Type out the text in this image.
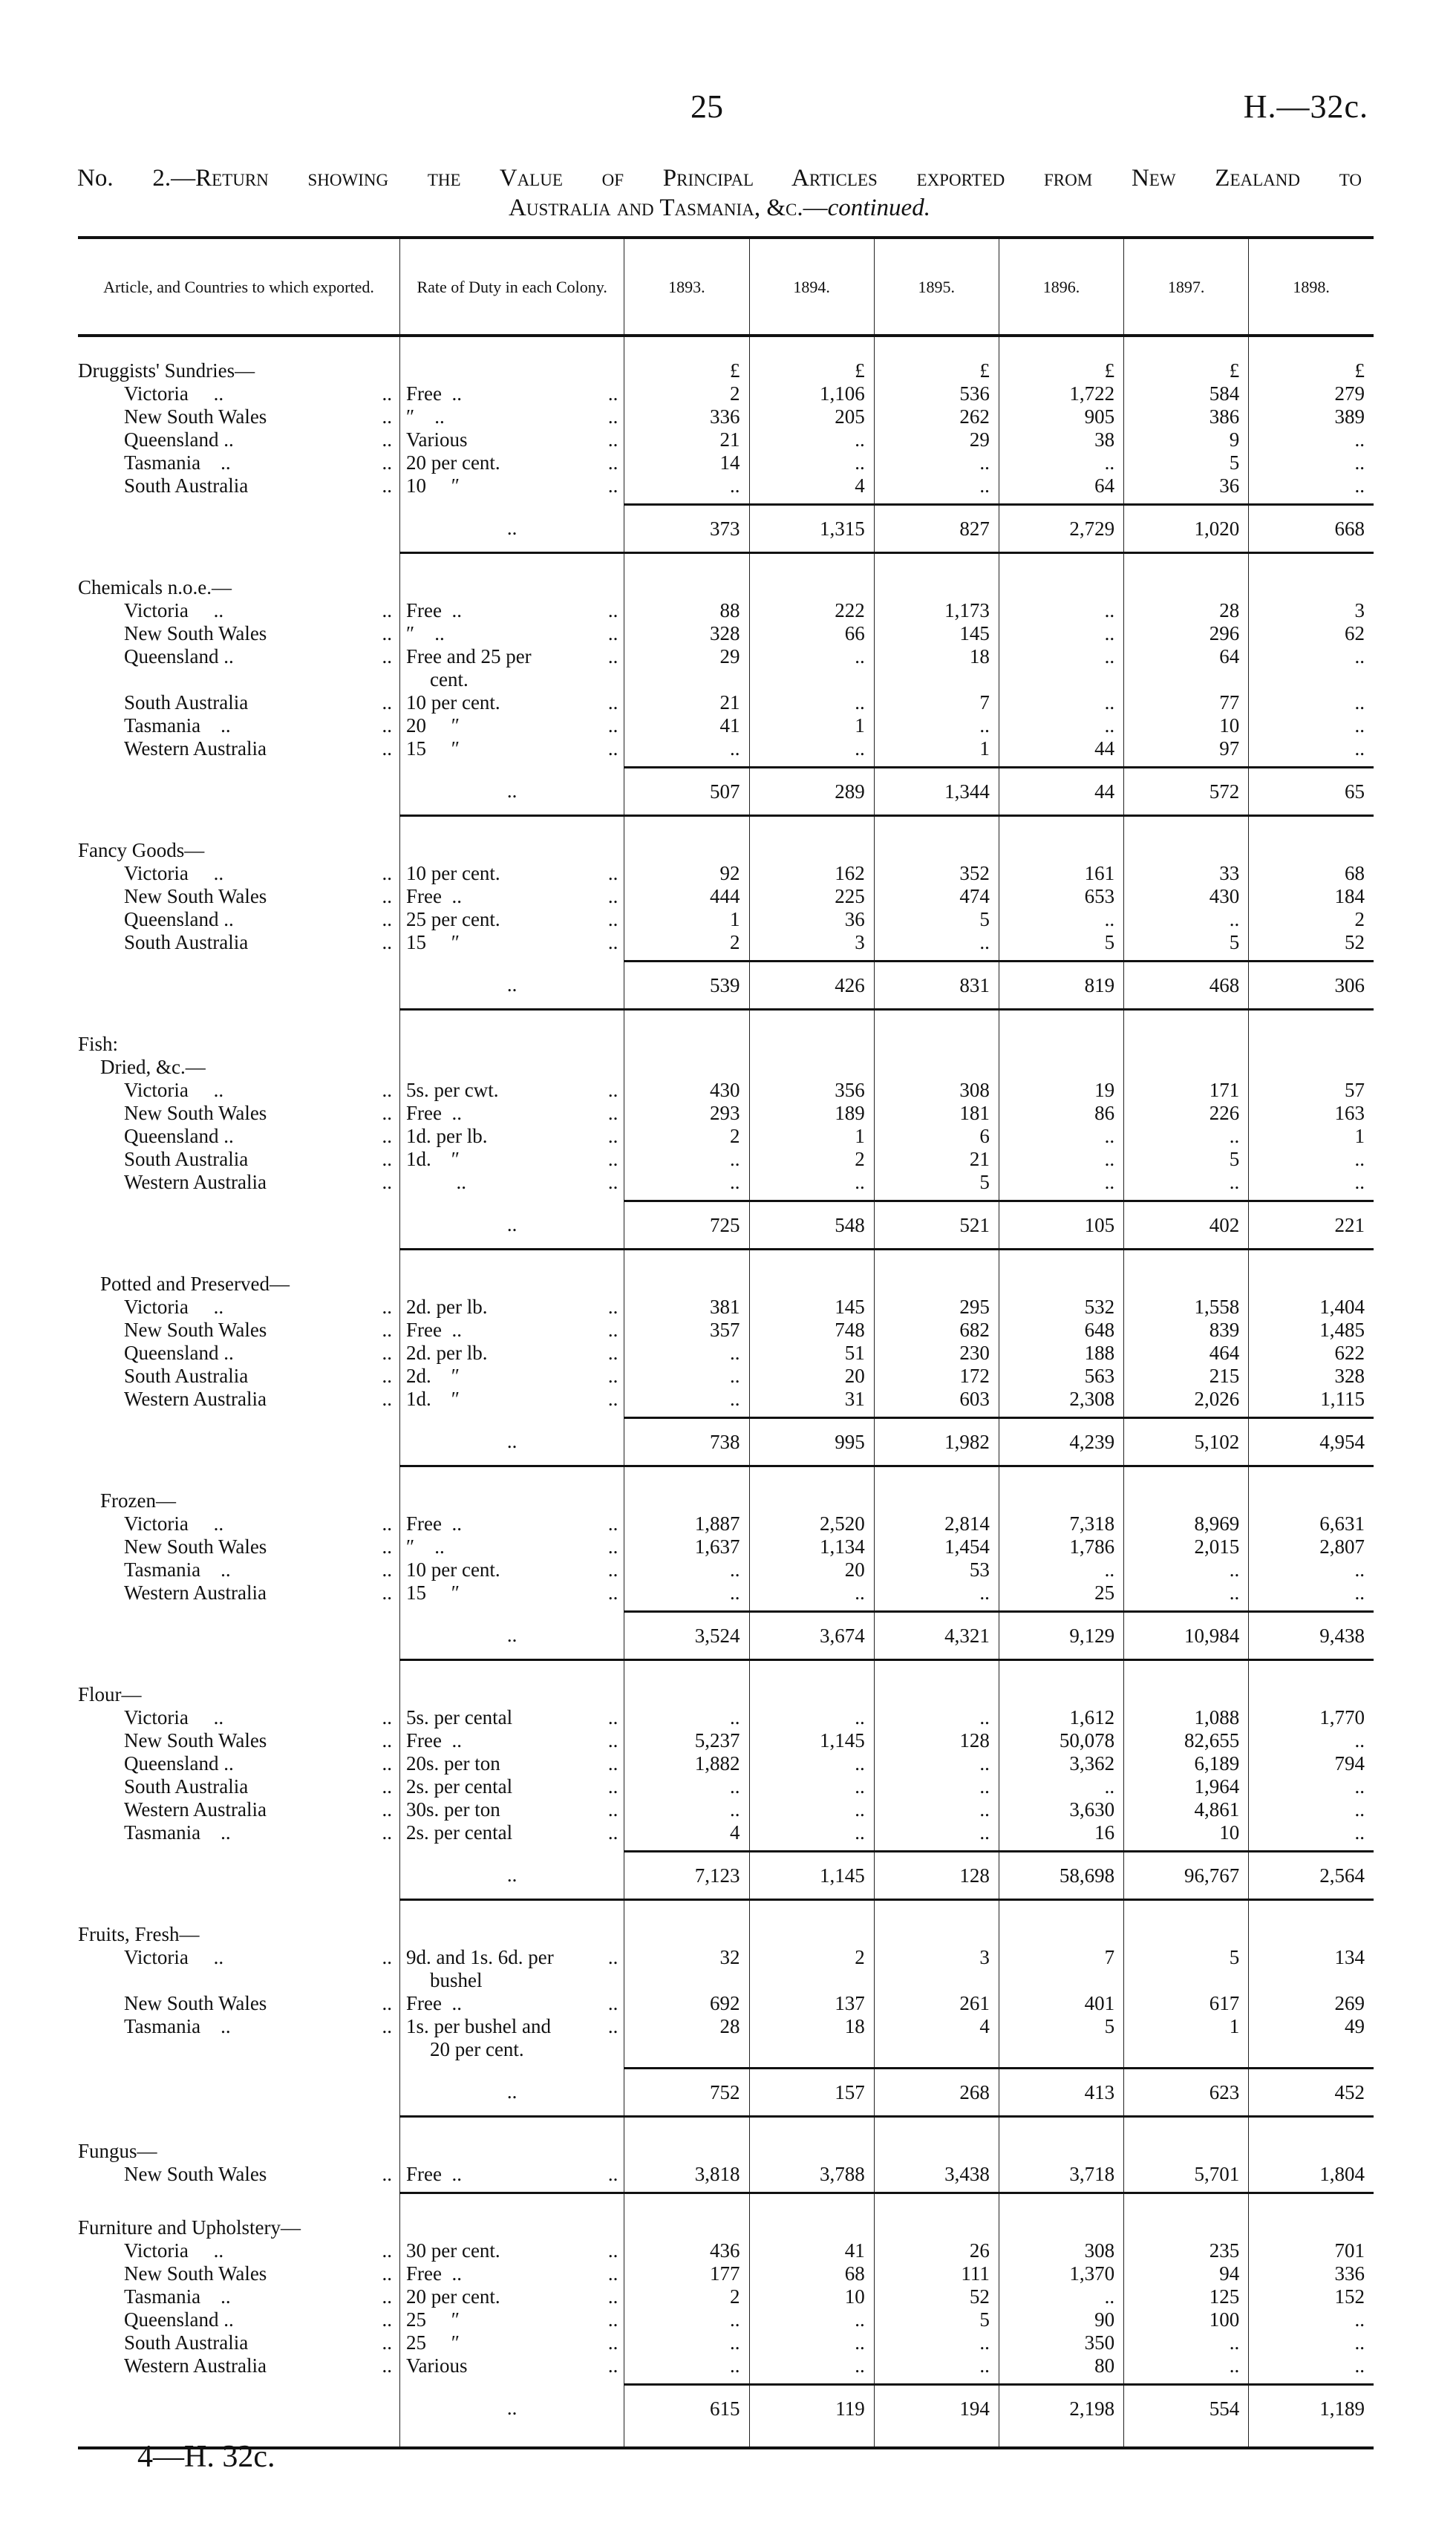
25	H.—32c.
No. 2.—Return showing the Value of Principal Articles exported from New Zealand to
Australia and Tasmania, &c.—continued.
Article, and Countries to which exported.	Rate of Duty in each Colony.	1893.	1894.	1895.	1896.	1897.	1898.

Druggists' Sundries—		£	£	£	£	£	£

Victoria     .. ..	Free  .. ..	2	1,106	536	1,722	584	279

New South Wales ..	″    .. ..	336	205	262	905	386	389

Queensland .. ..	Various ..	21	..	29	38	9	..

Tasmania    .. ..	20 per cent. ..	14	..	..	..	5	..

South Australia ..	10     ″ ..	..	4	..	64	36	..

	..	373	1,315	827	2,729	1,020	668

Chemicals n.o.e.—							

Victoria     .. ..	Free  .. ..	88	222	1,173	..	28	3

New South Wales ..	″    .. ..	328	66	145	..	296	62

Queensland .. ..	Free and 25 per ..	29	..	18	..	64	..
	cent.						

South Australia ..	10 per cent. ..	21	..	7	..	77	..

Tasmania    .. ..	20     ″ ..	41	1	..	..	10	..

Western Australia ..	15     ″ ..	..	..	1	44	97	..

	..	507	289	1,344	44	572	65

Fancy Goods—							

Victoria     .. ..	10 per cent. ..	92	162	352	161	33	68

New South Wales ..	Free  .. ..	444	225	474	653	430	184

Queensland .. ..	25 per cent. ..	1	36	5	..	..	2

South Australia ..	15     ″ ..	2	3	..	5	5	52

	..	539	426	831	819	468	306

Fish:							
Dried, &c.—							

Victoria     .. ..	5s. per cwt. ..	430	356	308	19	171	57

New South Wales ..	Free  .. ..	293	189	181	86	226	163

Queensland .. ..	1d. per lb. ..	2	1	6	..	..	1

South Australia ..	1d.    ″ ..	..	2	21	..	5	..

Western Australia ..	.. ..	..	..	5	..	..	..

	..	725	548	521	105	402	221

Potted and Preserved—							

Victoria     .. ..	2d. per lb. ..	381	145	295	532	1,558	1,404

New South Wales ..	Free  .. ..	357	748	682	648	839	1,485

Queensland .. ..	2d. per lb. ..	..	51	230	188	464	622

South Australia ..	2d.    ″ ..	..	20	172	563	215	328

Western Australia ..	1d.    ″ ..	..	31	603	2,308	2,026	1,115

	..	738	995	1,982	4,239	5,102	4,954

Frozen—							

Victoria     .. ..	Free  .. ..	1,887	2,520	2,814	7,318	8,969	6,631

New South Wales ..	″    .. ..	1,637	1,134	1,454	1,786	2,015	2,807

Tasmania    .. ..	10 per cent. ..	..	20	53	..	..	..

Western Australia ..	15     ″ ..	..	..	..	25	..	..

	..	3,524	3,674	4,321	9,129	10,984	9,438

Flour—							

Victoria     .. ..	5s. per cental ..	..	..	..	1,612	1,088	1,770

New South Wales ..	Free  .. ..	5,237	1,145	128	50,078	82,655	..

Queensland .. ..	20s. per ton ..	1,882	..	..	3,362	6,189	794

South Australia ..	2s. per cental ..	..	..	..	..	1,964	..

Western Australia ..	30s. per ton ..	..	..	..	3,630	4,861	..

Tasmania    .. ..	2s. per cental ..	4	..	..	16	10	..

	..	7,123	1,145	128	58,698	96,767	2,564

Fruits, Fresh—							

Victoria     .. ..	9d. and 1s. 6d. per ..	32	2	3	7	5	134
	bushel						

New South Wales ..	Free  .. ..	692	137	261	401	617	269

Tasmania    .. ..	1s. per bushel and ..	28	18	4	5	1	49
	20 per cent.						

	..	752	157	268	413	623	452

Fungus—							

New South Wales ..	Free  .. ..	3,818	3,788	3,438	3,718	5,701	1,804

Furniture and Upholstery—							

Victoria     .. ..	30 per cent. ..	436	41	26	308	235	701

New South Wales ..	Free  .. ..	177	68	111	1,370	94	336

Tasmania    .. ..	20 per cent. ..	2	10	52	..	125	152

Queensland .. ..	25     ″ ..	..	..	5	90	100	..

South Australia ..	25     ″ ..	..	..	..	350	..	..

Western Australia ..	Various ..	..	..	..	80	..	..

	..	615	119	194	2,198	554	1,189

4—H. 32c.
